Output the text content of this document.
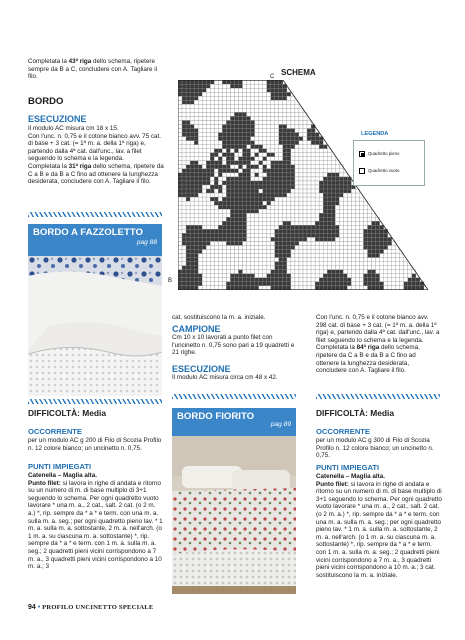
Completata la 43ª riga dello schema, ripetere sempre da B a C, concludere con A. Tagliare il filo.
BORDO
ESECUZIONE
Il modulo AC misura cm 18 x 15.
Con l'unc. n. 0,75 e il cotone bianco avv. 75 cat. di base + 3 cat. (= 1ª m. a. della 1ª riga) e, partendo dalla 4ª cat. dall'unc., lav. a filet seguendo lo schema e la legenda.
Completata la 31ª riga dello schema, ripetere da C a B e da B a C fino ad ottenere la lunghezza desiderata, concludere con A. Tagliare il filo.
BORDO A FAZZOLETTO
pag 88
SCHEMA
C
B
LEGENDA
Quadretto pieno
Quadretto vuoto
cat. sostituiscono la m. a. iniziale.
CAMPIONE
Cm 10 x 10 lavorati a punto filet con l'uncinetto n. 0,75 sono pari a 19 quadretti e 21 righe.
ESECUZIONE
Il modulo AC misura circa cm 48 x 42.
Con l'unc. n. 0,75 e il cotone bianco avv. 298 cat. di base + 3 cat. (= 1ª m. a. della 1ª riga) e, partendo dalla 4ª cat. dall'unc., lav. a filet seguendo lo schema e la legenda. Completata la 84ª riga dello schema, ripetere da C a B e da B a C fino ad ottenere la lunghezza desiderata, concludere con A. Tagliare il filo.
DIFFICOLTÀ: Media
OCCORRENTE
per un modulo AC g 200 di Filo di Scozia Profilo n. 12 colore bianco; un uncinetto n. 0,75.
PUNTI IMPIEGATI
Catenella – Maglia alta.
Punto filet: si lavora in righe di andata e ritorno su un numero di m. di base multiplo di 3+1 seguendo lo schema. Per ogni quadretto vuoto lavorare * una m. a., 2 cat., salt. 2 cat. (o 2 m. a.) *, rip. sempre da * a * e term. con una m. a. sulla m. a. seg.; per ogni quadretto pieno lav. * 1 m. a. sulla m. a. sottostante, 2 m. a. nell'arch. (o 1 m. a. su ciascuna m. a. sottostante) *, rip. sempre da * a * e term. con 1 m. a. sulla m. a. seg.; 2 quadretti pieni vicini corrispondono a 7 m. a., 3 quadretti pieni vicini corrispondono a 10 m. a.; 3
BORDO FIORITO
pag 89
DIFFICOLTÀ: Media
OCCORRENTE
per un modulo AC g 300 di Filo di Scozia Profilo n. 12 colore bianco; un uncinetto n. 0,75.
PUNTI IMPIEGATI
Catenella – Maglia alta.
Punto filet: si lavora in righe di andata e ritorno su un numero di m. di base multiplo di 3+1 seguendo lo schema. Per ogni quadretto vuoto lavorare * una m. a., 2 cat., salt. 2 cat. (o 2 m. a.) *, rip. sempre da * a * e term. con una m. a. sulla m. a. seg.; per ogni quadretto pieno lav. * 1 m. a. sulla m. a. sottostante, 2 m. a. nell'arch. (o 1 m. a. su ciascuna m. a. sottostante) *, rip. sempre da * a * e term. con 1 m. a. sulla m. a. seg.; 2 quadretti pieni vicini corrispondono a 7 m. a., 3 quadretti pieni vicini corrispondono a 10 m. a.; 3 cat. sostituiscono la m. a. iniziale.
94 • PROFILO UNCINETTO SPECIALE
